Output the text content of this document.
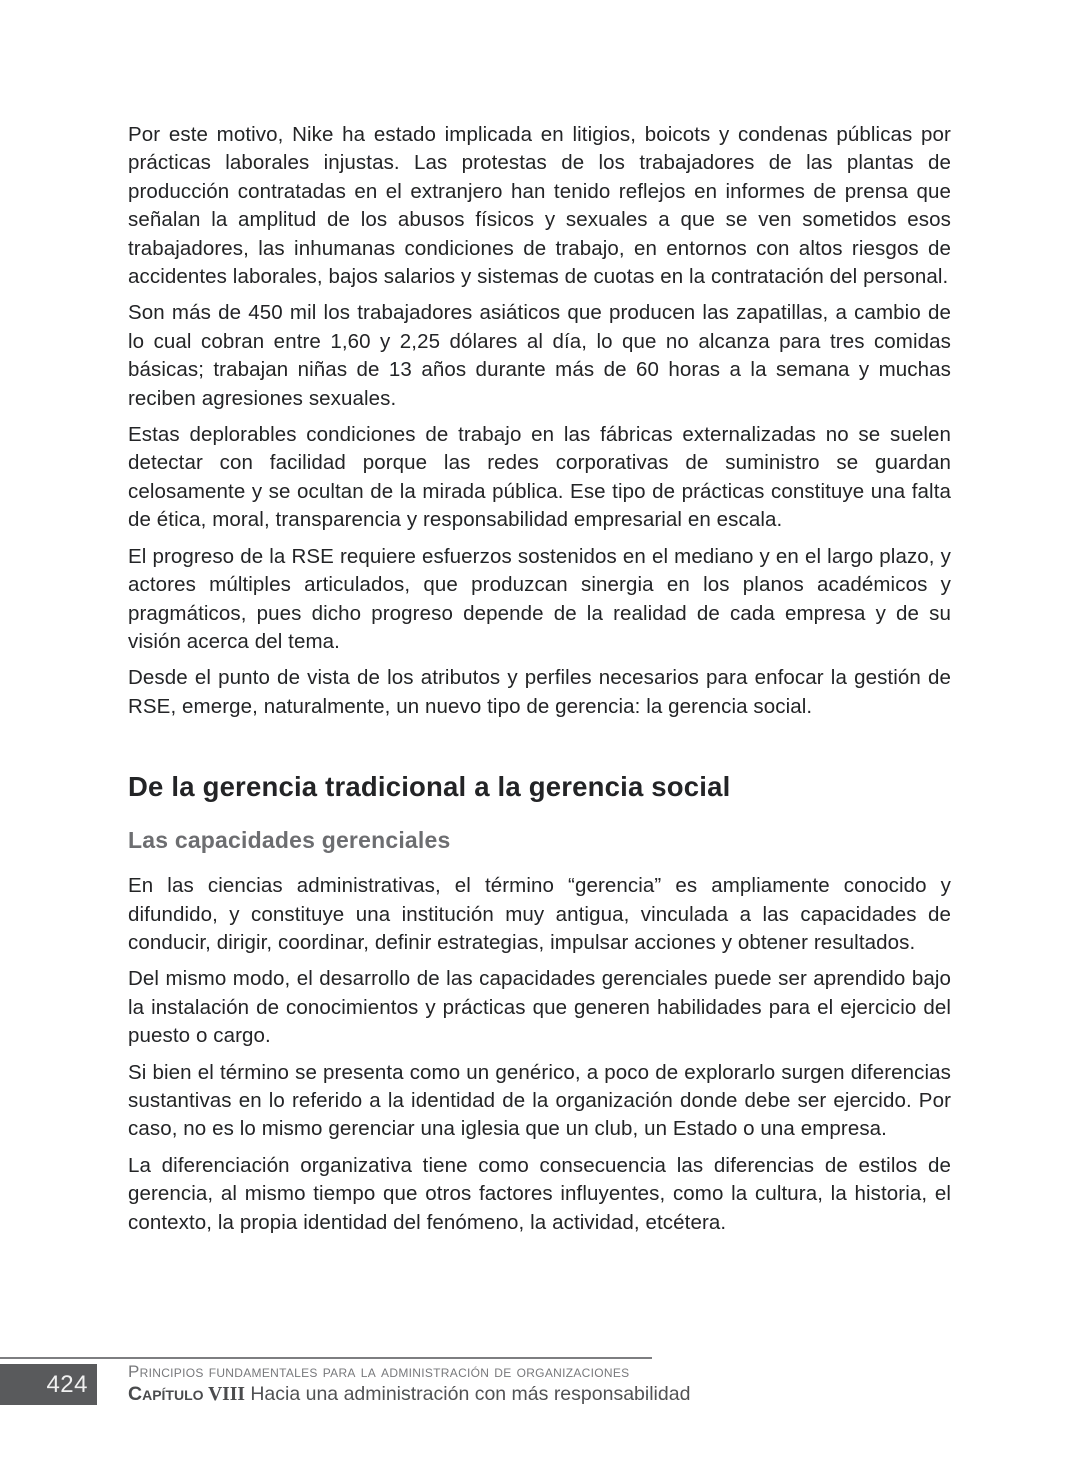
Por este motivo, Nike ha estado implicada en litigios, boicots y condenas públicas por prácticas laborales injustas. Las protestas de los trabajadores de las plantas de producción contratadas en el extranjero han tenido reflejos en informes de prensa que señalan la amplitud de los abusos físicos y sexuales a que se ven sometidos esos trabajadores, las inhumanas condiciones de trabajo, en entornos con altos riesgos de accidentes laborales, bajos salarios y sistemas de cuotas en la contratación del personal.

Son más de 450 mil los trabajadores asiáticos que producen las zapatillas, a cambio de lo cual cobran entre 1,60 y 2,25 dólares al día, lo que no alcanza para tres comidas básicas; trabajan niñas de 13 años durante más de 60 horas a la semana y muchas reciben agresiones sexuales.

Estas deplorables condiciones de trabajo en las fábricas externalizadas no se suelen detectar con facilidad porque las redes corporativas de suministro se guardan celosamente y se ocultan de la mirada pública. Ese tipo de prácticas constituye una falta de ética, moral, transparencia y responsabilidad empresarial en escala.

El progreso de la RSE requiere esfuerzos sostenidos en el mediano y en el largo plazo, y actores múltiples articulados, que produzcan sinergia en los planos académicos y pragmáticos, pues dicho progreso depende de la realidad de cada empresa y de su visión acerca del tema.

Desde el punto de vista de los atributos y perfiles necesarios para enfocar la gestión de RSE, emerge, naturalmente, un nuevo tipo de gerencia: la gerencia social.

De la gerencia tradicional a la gerencia social
Las capacidades gerenciales

En las ciencias administrativas, el término “gerencia” es ampliamente conocido y difundido, y constituye una institución muy antigua, vinculada a las capacidades de conducir, dirigir, coordinar, definir estrategias, impulsar acciones y obtener resultados.

Del mismo modo, el desarrollo de las capacidades gerenciales puede ser aprendido bajo la instalación de conocimientos y prácticas que generen habilidades para el ejercicio del puesto o cargo.

Si bien el término se presenta como un genérico, a poco de explorarlo surgen diferencias sustantivas en lo referido a la identidad de la organización donde debe ser ejercido. Por caso, no es lo mismo gerenciar una iglesia que un club, un Estado o una empresa.

La diferenciación organizativa tiene como consecuencia las diferencias de estilos de gerencia, al mismo tiempo que otros factores influyentes, como la cultura, la historia, el contexto, la propia identidad del fenómeno, la actividad, etcétera.

424 Principios fundamentales para la administración de organizaciones
Capítulo VIII Hacia una administración con más responsabilidad
